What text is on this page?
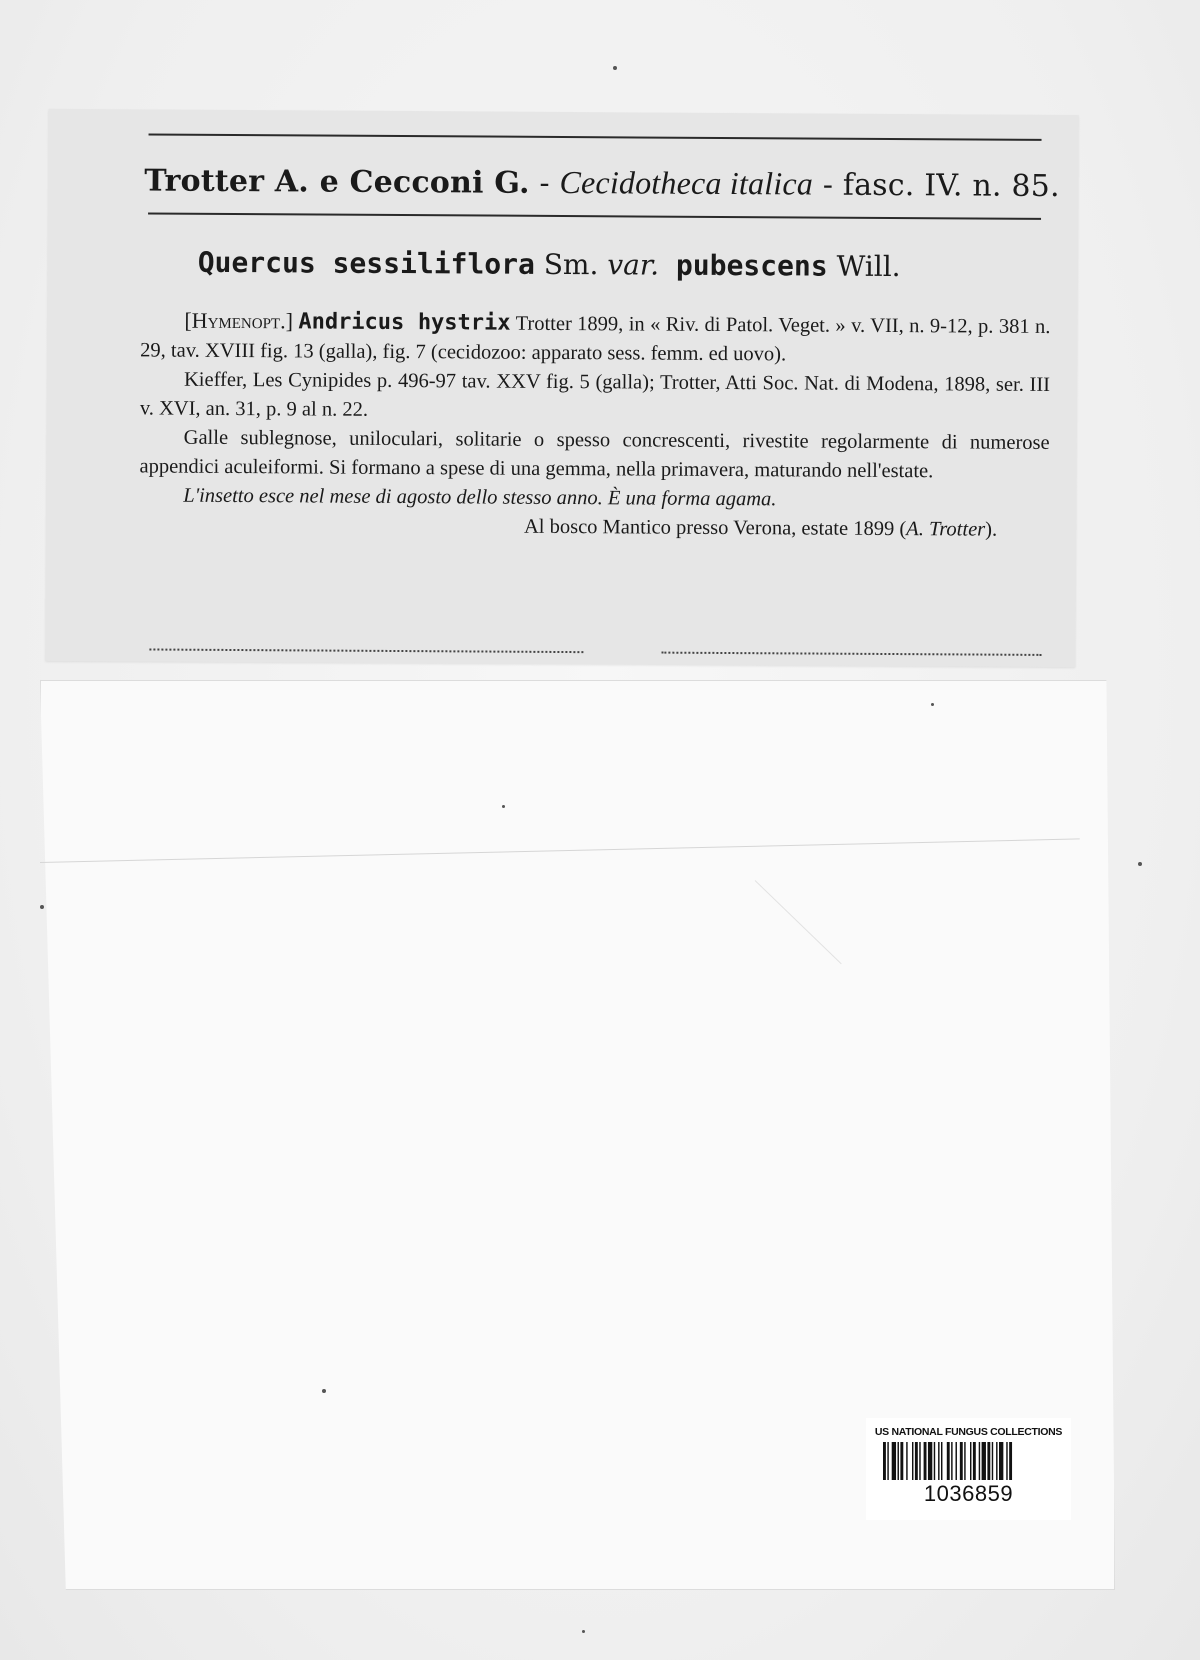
Trotter A. e Cecconi G. - Cecidotheca italica - fasc. IV. n. 85.
Quercus sessiliflora Sm. var. pubescens Will.

[Hymenopt.] Andricus hystrix Trotter 1899, in « Riv. di Patol. Veget. » v. VII, n. 9-12, p. 381 n. 29, tav. XVIII fig. 13 (galla), fig. 7 (cecidozoo: apparato sess. femm. ed uovo).

Kieffer, Les Cynipides p. 496-97 tav. XXV fig. 5 (galla); Trotter, Atti Soc. Nat. di Modena, 1898, ser. III v. XVI, an. 31, p. 9 al n. 22.

Galle sublegnose, uniloculari, solitarie o spesso concrescenti, rivestite regolarmente di numerose appendici aculeiformi. Si formano a spese di una gemma, nella primavera, maturando nell'estate.

L'insetto esce nel mese di agosto dello stesso anno. È una forma agama.

Al bosco Mantico presso Verona, estate 1899 (A. Trotter).

US NATIONAL FUNGUS COLLECTIONS
1036859
